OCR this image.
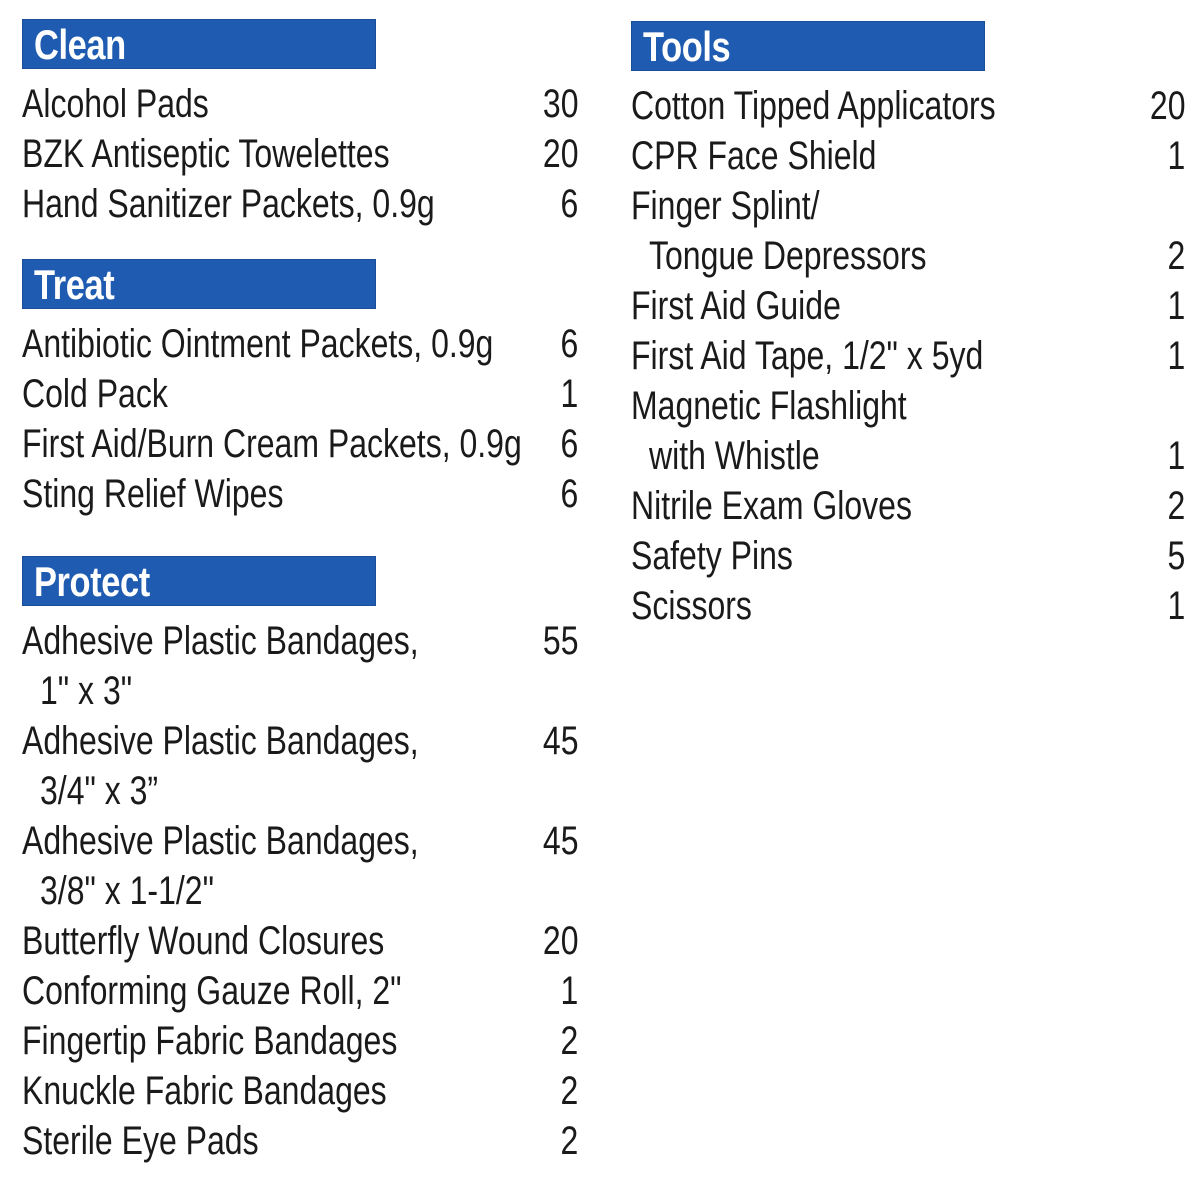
Clean
Alcohol Pads	30
BZK Antiseptic Towelettes	20
Hand Sanitizer Packets, 0.9g	6
Treat
Antibiotic Ointment Packets, 0.9g 6
Cold Pack	1
First Aid/Burn Cream Packets, 0.9g 6
Sting Relief Wipes	6
Protect
Adhesive Plastic Bandages,	55
1" x 3"
Adhesive Plastic Bandages,	45
3/4" x 3”
Adhesive Plastic Bandages,	45
3/8" x 1-1/2"
Butterfly Wound Closures	20
Conforming Gauze Roll, 2"	1
Fingertip Fabric Bandages	2
Knuckle Fabric Bandages	2
Sterile Eye Pads	2
Tools
Cotton Tipped Applicators	20
CPR Face Shield	1
Finger Splint/
Tongue Depressors	2
First Aid Guide	1
First Aid Tape, 1/2" x 5yd	1
Magnetic Flashlight
with Whistle	1
Nitrile Exam Gloves	2
Safety Pins	5
Scissors	1
